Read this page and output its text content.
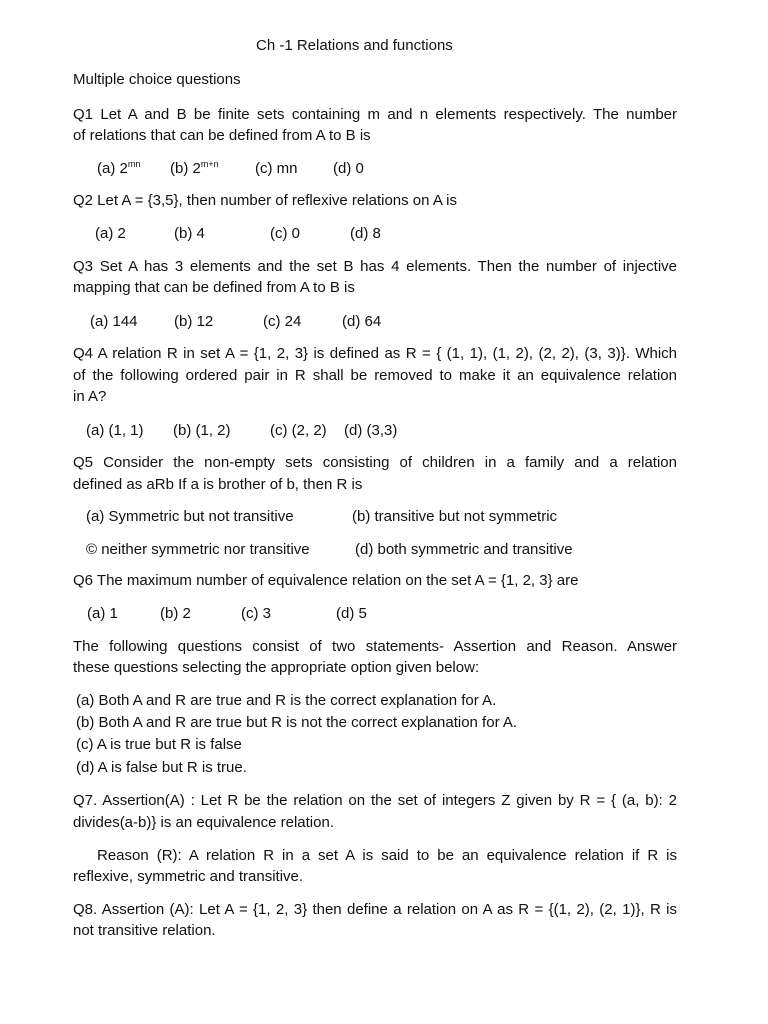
Ch -1 Relations and functions
Multiple choice questions
Q1 Let A and B be finite sets containing m and n elements respectively. The number
of relations that can be defined from A to B is
(a) $2^{mn}$ (b) $2^{m+n}$ (c) mn (d) 0
Q2 Let A = {3,5}, then number of reflexive relations on A is
(a) 2	(b) 4	(c) 0	(d) 8
Q3 Set A has 3 elements and the set B has 4 elements. Then the number of injective
mapping that can be defined from A to B is
(a) 144 (b) 12	(c) 24	(d) 64
Q4 A relation R in set A = {1, 2, 3} is defined as R = { (1, 1), (1, 2), (2, 2), (3, 3)}. Which
of the following ordered pair in R shall be removed to make it an equivalence relation
in A?
(a) (1, 1) (b) (1, 2)	(c) (2, 2) (d) (3,3)
Q5 Consider the non-empty sets consisting of children in a family and a relation
defined as aRb If a is brother of b, then R is
(a) Symmetric but not transitive	(b) transitive but not symmetric
© neither symmetric nor transitive	(d) both symmetric and transitive
Q6 The maximum number of equivalence relation on the set A = {1, 2, 3} are
(a) 1	(b) 2	(c) 3	(d) 5
The following questions consist of two statements- Assertion and Reason. Answer
these questions selecting the appropriate option given below:
(a) Both A and R are true and R is the correct explanation for A.
(b) Both A and R are true but R is not the correct explanation for A.
(c) A is true but R is false
(d) A is false but R is true.
Q7. Assertion(A) : Let R be the relation on the set of integers Z given by R = { (a, b): 2
divides(a-b)} is an equivalence relation.
Reason (R): A relation R in a set A is said to be an equivalence relation if R is
reflexive, symmetric and transitive.
Q8. Assertion (A): Let A = {1, 2, 3} then define a relation on A as R = {(1, 2), (2, 1)}, R is
not transitive relation.
